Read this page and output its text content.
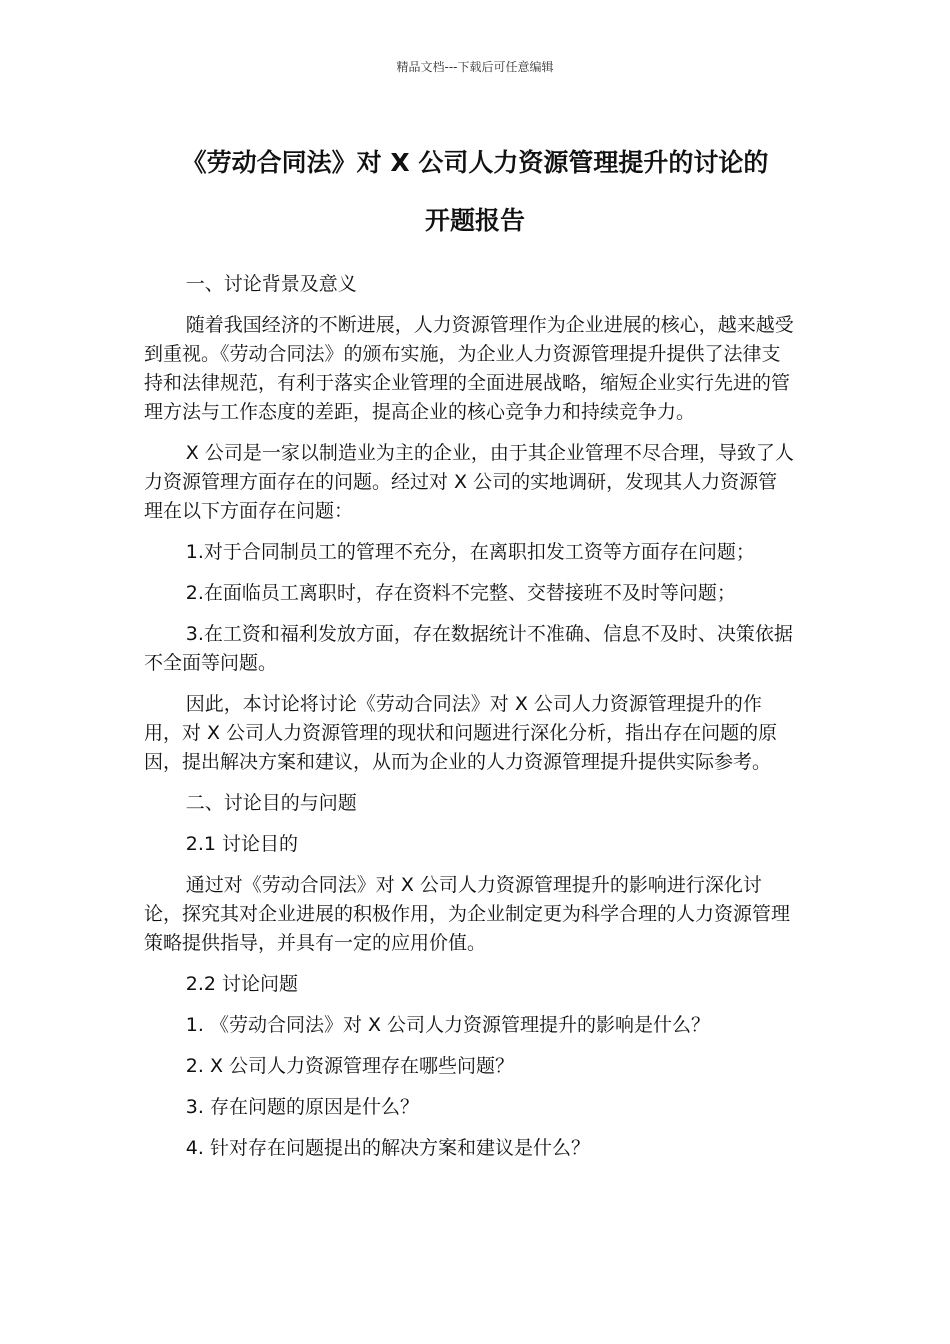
精品文档---下载后可任意编辑
《劳动合同法》对 X 公司人力资源管理提升的讨论的
开题报告

一、讨论背景及意义

随着我国经济的不断进展，人力资源管理作为企业进展的核心，越来越受到重视。《劳动合同法》的颁布实施，为企业人力资源管理提升提供了法律支持和法律规范，有利于落实企业管理的全面进展战略，缩短企业实行先进的管理方法与工作态度的差距，提高企业的核心竞争力和持续竞争力。

X 公司是一家以制造业为主的企业，由于其企业管理不尽合理，导致了人力资源管理方面存在的问题。经过对 X 公司的实地调研，发现其人力资源管理在以下方面存在问题：

1.对于合同制员工的管理不充分，在离职扣发工资等方面存在问题；

2.在面临员工离职时，存在资料不完整、交替接班不及时等问题；

3.在工资和福利发放方面，存在数据统计不准确、信息不及时、决策依据不全面等问题。

因此，本讨论将讨论《劳动合同法》对 X 公司人力资源管理提升的作用，对 X 公司人力资源管理的现状和问题进行深化分析，指出存在问题的原因，提出解决方案和建议，从而为企业的人力资源管理提升提供实际参考。

二、讨论目的与问题

2.1 讨论目的

通过对《劳动合同法》对 X 公司人力资源管理提升的影响进行深化讨论，探究其对企业进展的积极作用，为企业制定更为科学合理的人力资源管理策略提供指导，并具有一定的应用价值。

2.2 讨论问题

1. 《劳动合同法》对 X 公司人力资源管理提升的影响是什么？

2. X 公司人力资源管理存在哪些问题？

3. 存在问题的原因是什么？

4. 针对存在问题提出的解决方案和建议是什么？
